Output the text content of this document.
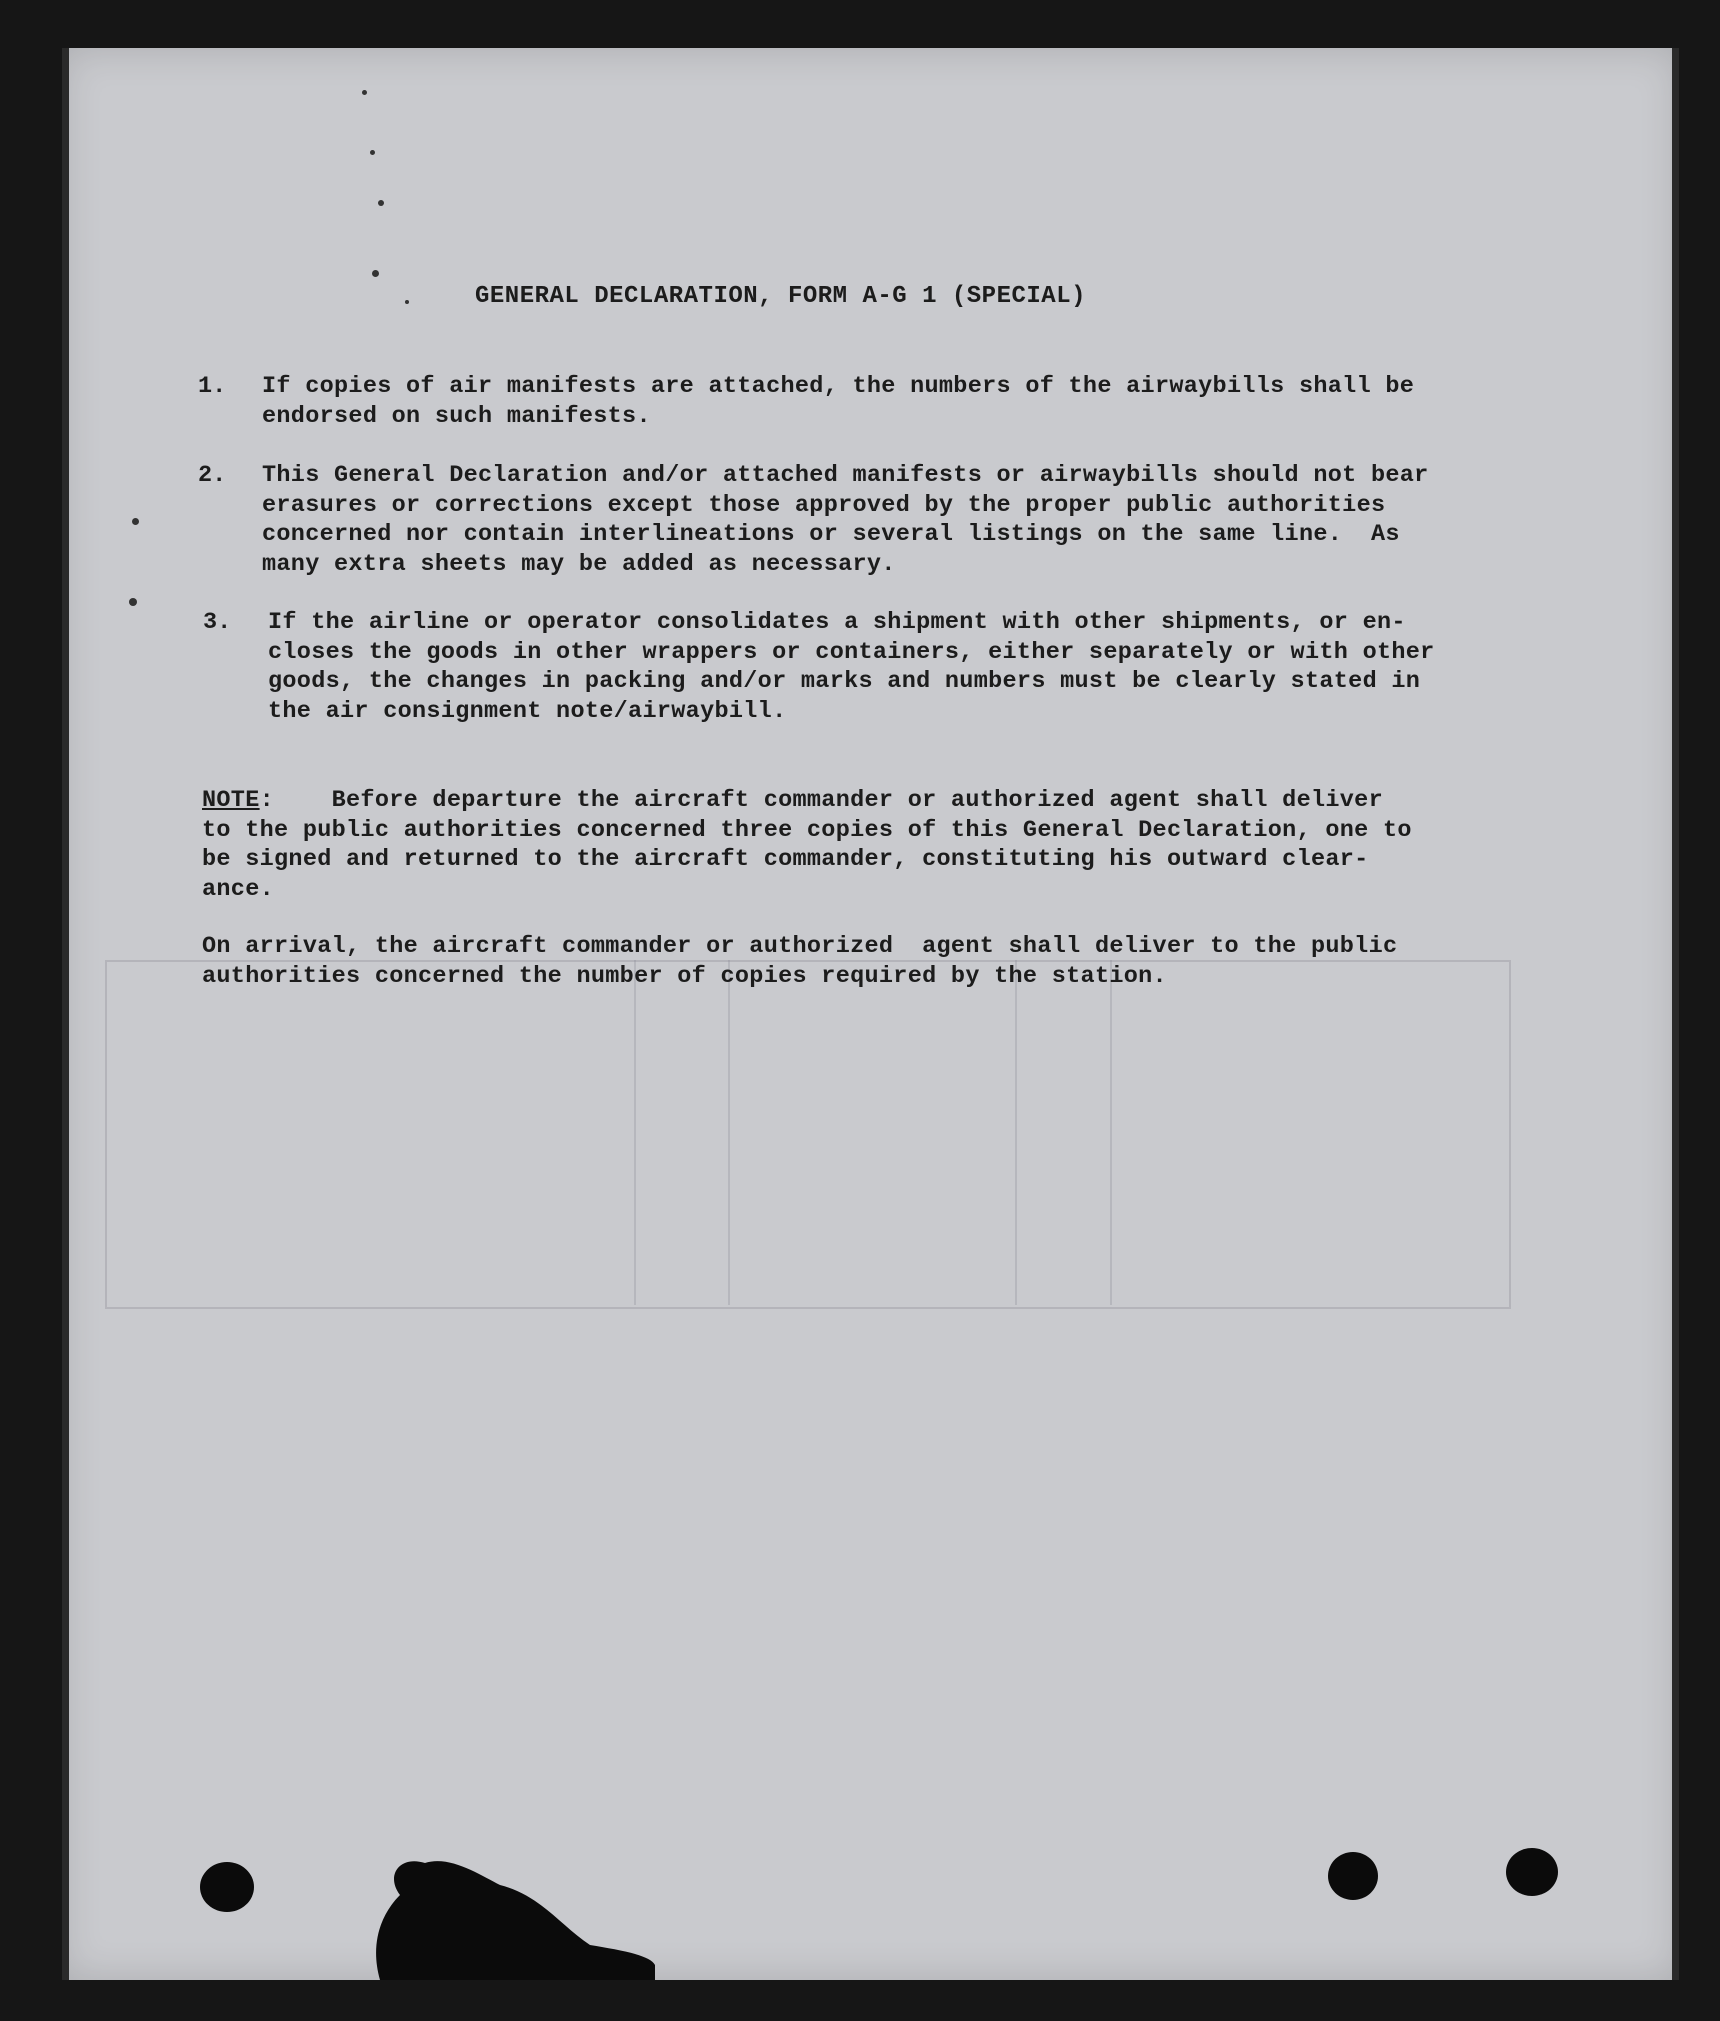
GENERAL DECLARATION, FORM A-G 1 (SPECIAL)
1. If copies of air manifests are attached, the numbers of the airwaybills shall be
endorsed on such manifests.
2. This General Declaration and/or attached manifests or airwaybills should not bear
erasures or corrections except those approved by the proper public authorities
concerned nor contain interlineations or several listings on the same line.  As
many extra sheets may be added as necessary.
3. If the airline or operator consolidates a shipment with other shipments, or en-
closes the goods in other wrappers or containers, either separately or with other
goods, the changes in packing and/or marks and numbers must be clearly stated in
the air consignment note/airwaybill.
NOTE:    Before departure the aircraft commander or authorized agent shall deliver
to the public authorities concerned three copies of this General Declaration, one to
be signed and returned to the aircraft commander, constituting his outward clear-
ance.
On arrival, the aircraft commander or authorized  agent shall deliver to the public
authorities concerned the number of copies required by the station.
